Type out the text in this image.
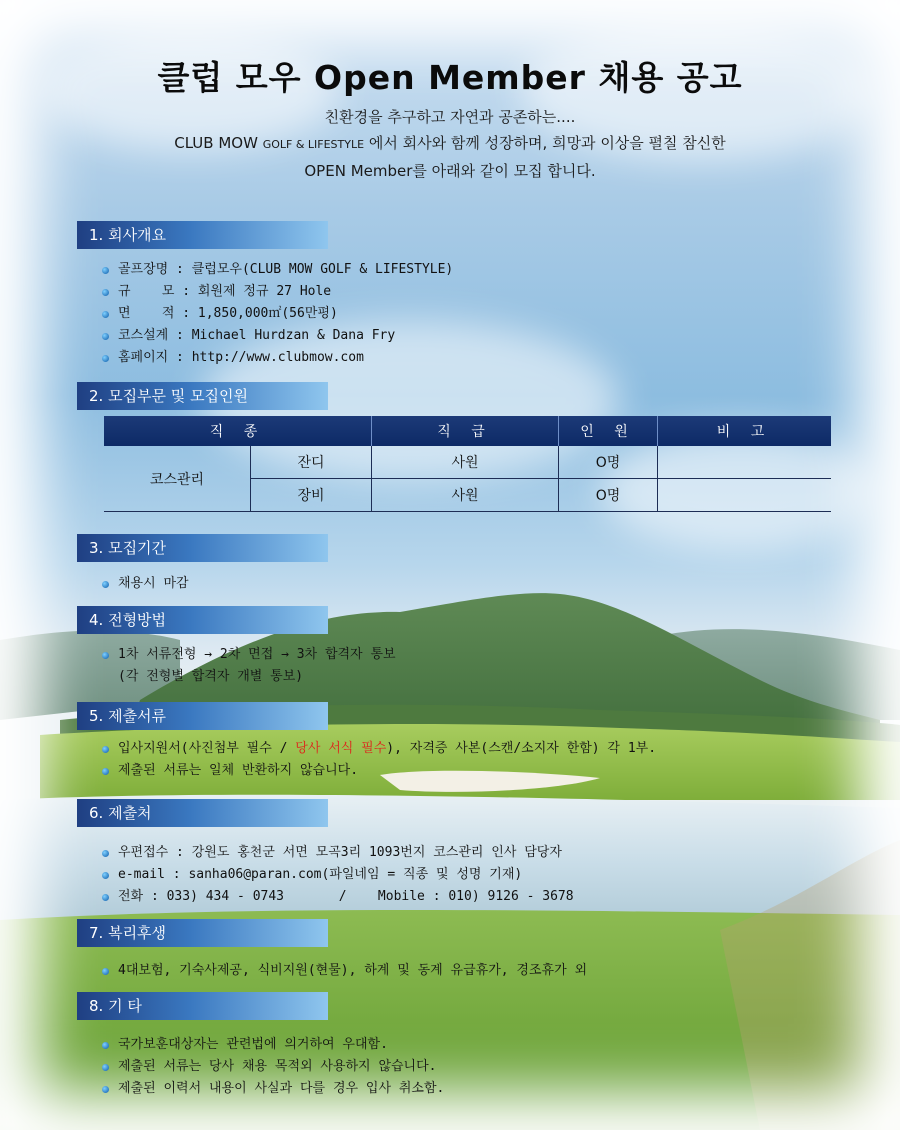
클럽 모우 Open Member 채용 공고
친환경을 추구하고 자연과 공존하는....
CLUB MOW GOLF & LIFESTYLE 에서 회사와 함께 성장하며, 희망과 이상을 펼칠 참신한
OPEN Member를 아래와 같이 모집 합니다.
1. 회사개요
골프장명 : 클럽모우(CLUB MOW GOLF & LIFESTYLE)
규    모 : 회원제 정규 27 Hole
면    적 : 1,850,000㎡(56만평)
코스설계 : Michael Hurdzan & Dana Fry
홈페이지 : http://www.clubmow.com
2. 모집부문 및 모집인원
직 종		직 급	인 원	비 고
코스관리	잔디	사원	O명	
	장비	사원	O명	
3. 모집기간
채용시 마감
4. 전형방법
1차 서류전형 → 2차 면접 → 3차 합격자 통보
(각 전형별 합격자 개별 통보)
5. 제출서류
입사지원서(사진첨부 필수 / 당사 서식 필수), 자격증 사본(스캔/소지자 한함) 각 1부.
제출된 서류는 일체 반환하지 않습니다.
6. 제출처
우편접수 : 강원도 홍천군 서면 모곡3리 1093번지 코스관리 인사 담당자
e-mail : sanha06@paran.com(파일네임 = 직종 및 성명 기재)
전화 : 033) 434 - 0743       /    Mobile : 010) 9126 - 3678
7. 복리후생
4대보험, 기숙사제공, 식비지원(현물), 하계 및 동계 유급휴가, 경조휴가 외
8. 기 타
국가보훈대상자는 관련법에 의거하여 우대함.
제출된 서류는 당사 채용 목적외 사용하지 않습니다.
제출된 이력서 내용이 사실과 다를 경우 입사 취소함.
